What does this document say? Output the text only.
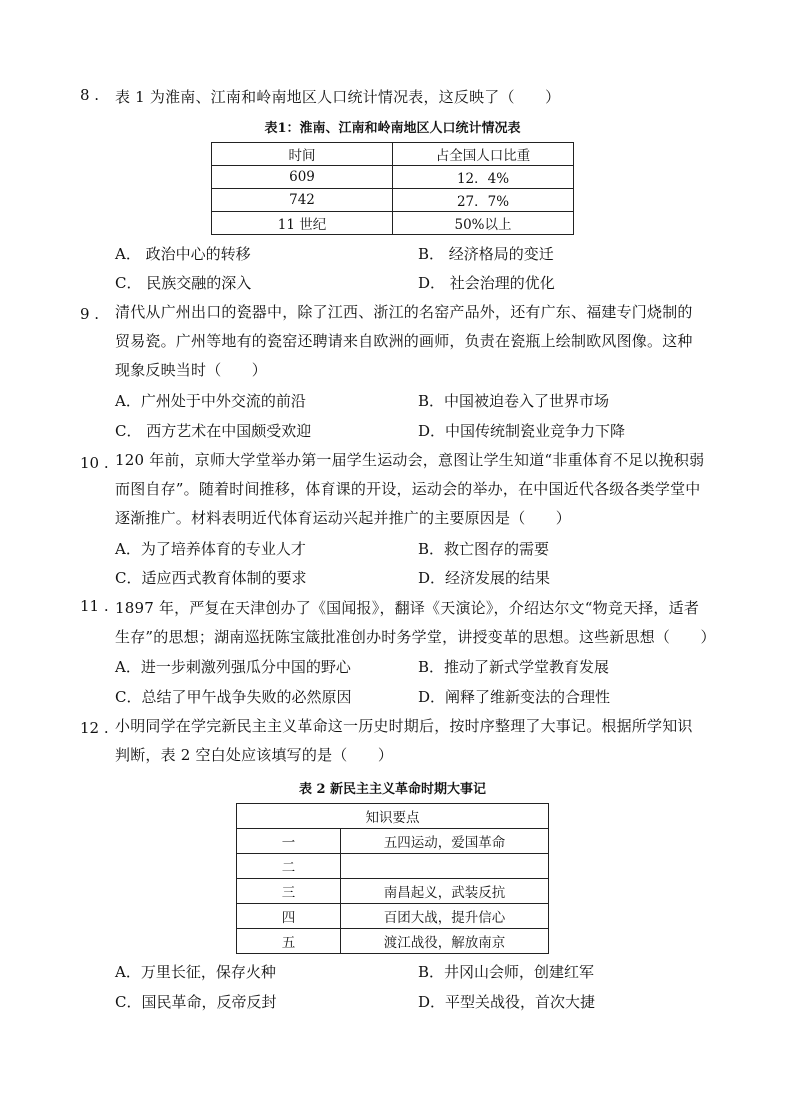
8 . 表 1 为淮南、江南和岭南地区人口统计情况表，这反映了（　　）
表1：淮南、江南和岭南地区人口统计情况表
时间	占全国人口比重
609	12．4%
742	27．7%
11 世纪	50%以上
A． 政治中心的转移	B． 经济格局的变迁
C． 民族交融的深入	D． 社会治理的优化
9 . 清代从广州出口的瓷器中，除了江西、浙江的名窑产品外，还有广东、福建专门烧制的
贸易瓷。广州等地有的瓷窑还聘请来自欧洲的画师，负责在瓷瓶上绘制欧风图像。这种
现象反映当时（　　）
A．广州处于中外交流的前沿	B．中国被迫卷入了世界市场
C． 西方艺术在中国颇受欢迎	D．中国传统制瓷业竞争力下降
10 . 120 年前，京师大学堂举办第一届学生运动会，意图让学生知道“非重体育不足以挽积弱
而图自存”。随着时间推移，体育课的开设，运动会的举办，在中国近代各级各类学堂中
逐渐推广。材料表明近代体育运动兴起并推广的主要原因是（　　）
A．为了培养体育的专业人才	B．救亡图存的需要
C．适应西式教育体制的要求	D．经济发展的结果
11 . 1897 年，严复在天津创办了《国闻报》，翻译《天演论》，介绍达尔文“物竞天择，适者
生存”的思想；湖南巡抚陈宝箴批准创办时务学堂，讲授变革的思想。这些新思想（　　）
A．进一步刺激列强瓜分中国的野心	B．推动了新式学堂教育发展
C．总结了甲午战争失败的必然原因	D．阐释了维新变法的合理性
12 . 小明同学在学完新民主主义革命这一历史时期后，按时序整理了大事记。根据所学知识
判断，表 2 空白处应该填写的是（　　）
表 2 新民主主义革命时期大事记
知识要点	
一	五四运动，爱国革命
二	
三	南昌起义，武装反抗
四	百团大战，提升信心
五	渡江战役，解放南京
A．万里长征，保存火种	B．井冈山会师，创建红军
C．国民革命，反帝反封	D．平型关战役，首次大捷
